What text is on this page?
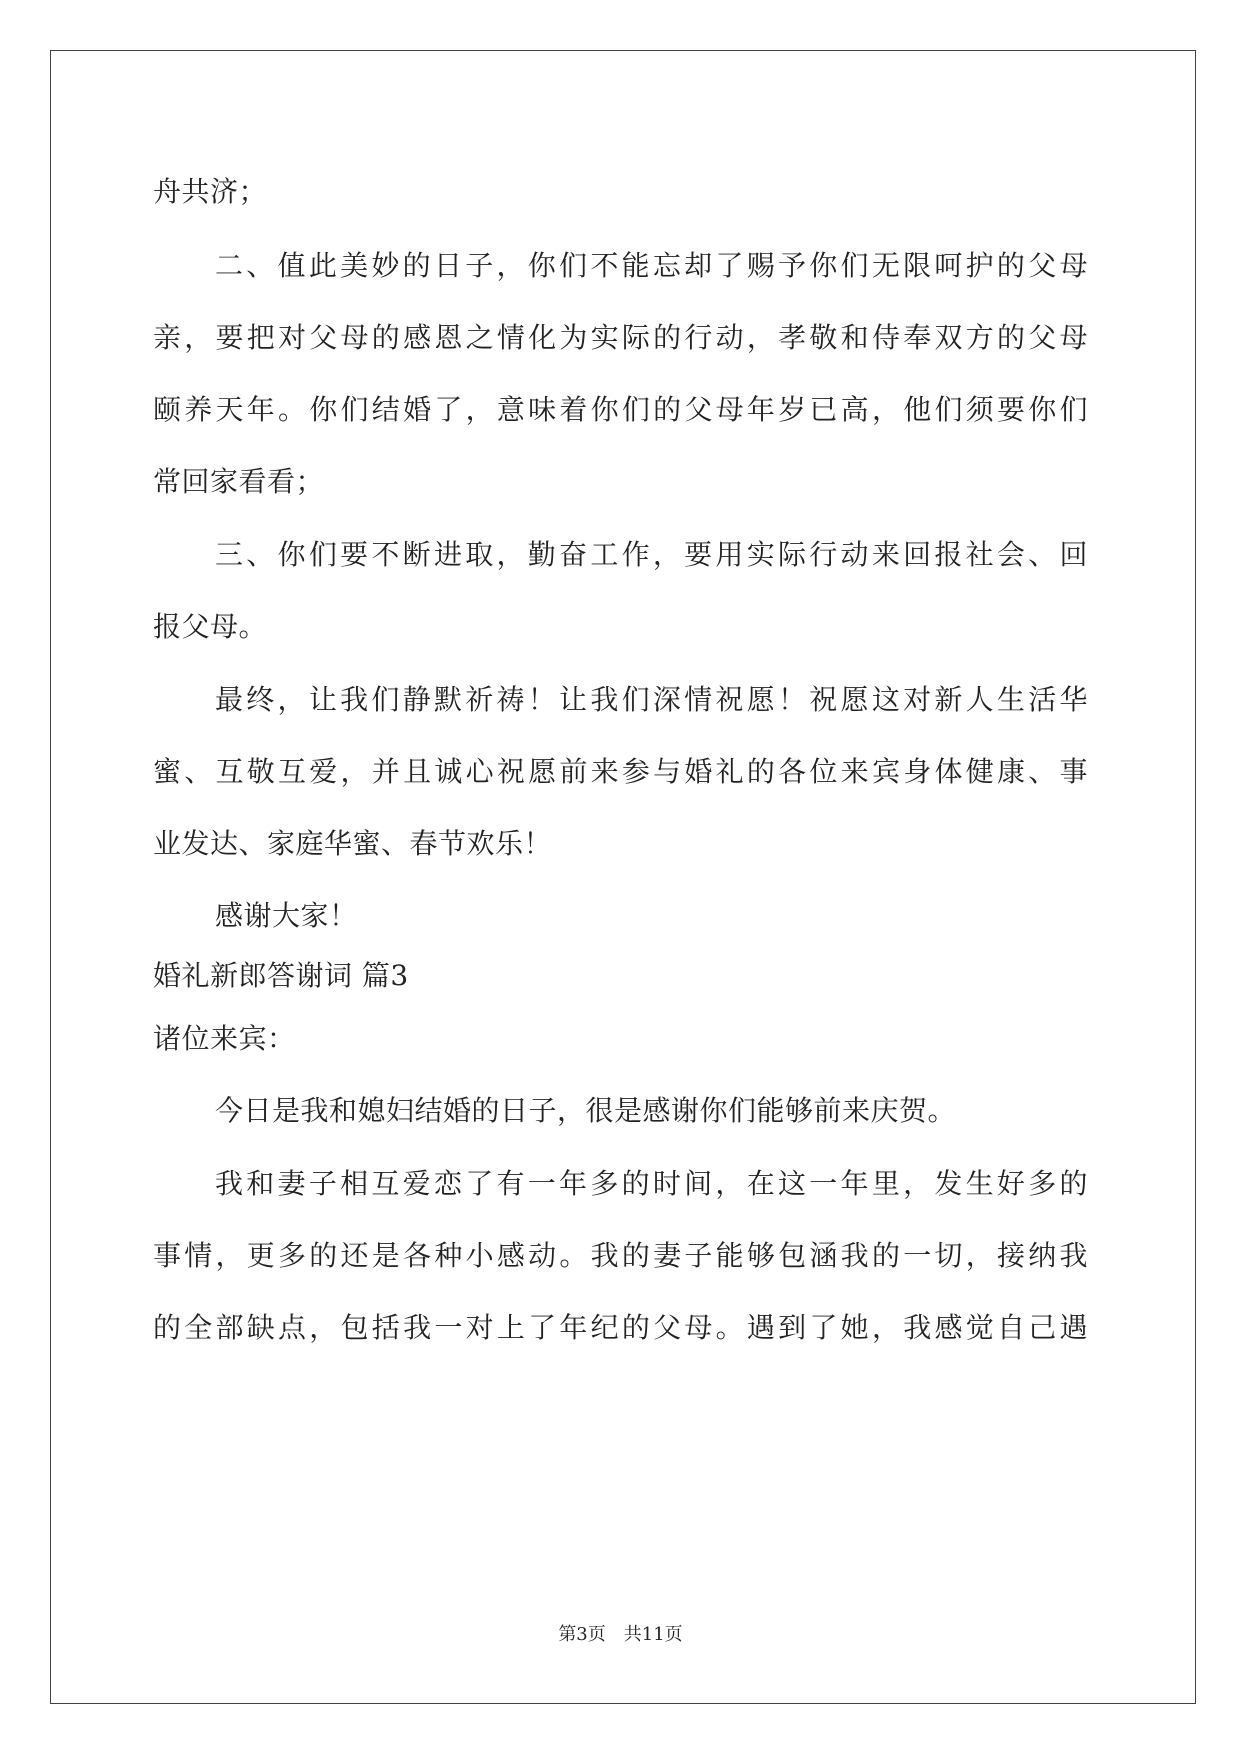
舟共济；
二、值此美妙的日子，你们不能忘却了赐予你们无限呵护的父母
亲，要把对父母的感恩之情化为实际的行动，孝敬和侍奉双方的父母
颐养天年。你们结婚了，意味着你们的父母年岁已高，他们须要你们
常回家看看；
三、你们要不断进取，勤奋工作，要用实际行动来回报社会、回
报父母。
最终，让我们静默祈祷！让我们深情祝愿！祝愿这对新人生活华
蜜、互敬互爱，并且诚心祝愿前来参与婚礼的各位来宾身体健康、事
业发达、家庭华蜜、春节欢乐！
感谢大家！
婚礼新郎答谢词 篇3
诸位来宾：
今日是我和媳妇结婚的日子，很是感谢你们能够前来庆贺。
我和妻子相互爱恋了有一年多的时间，在这一年里，发生好多的
事情，更多的还是各种小感动。我的妻子能够包涵我的一切，接纳我
的全部缺点，包括我一对上了年纪的父母。遇到了她，我感觉自己遇
第3页　共11页
